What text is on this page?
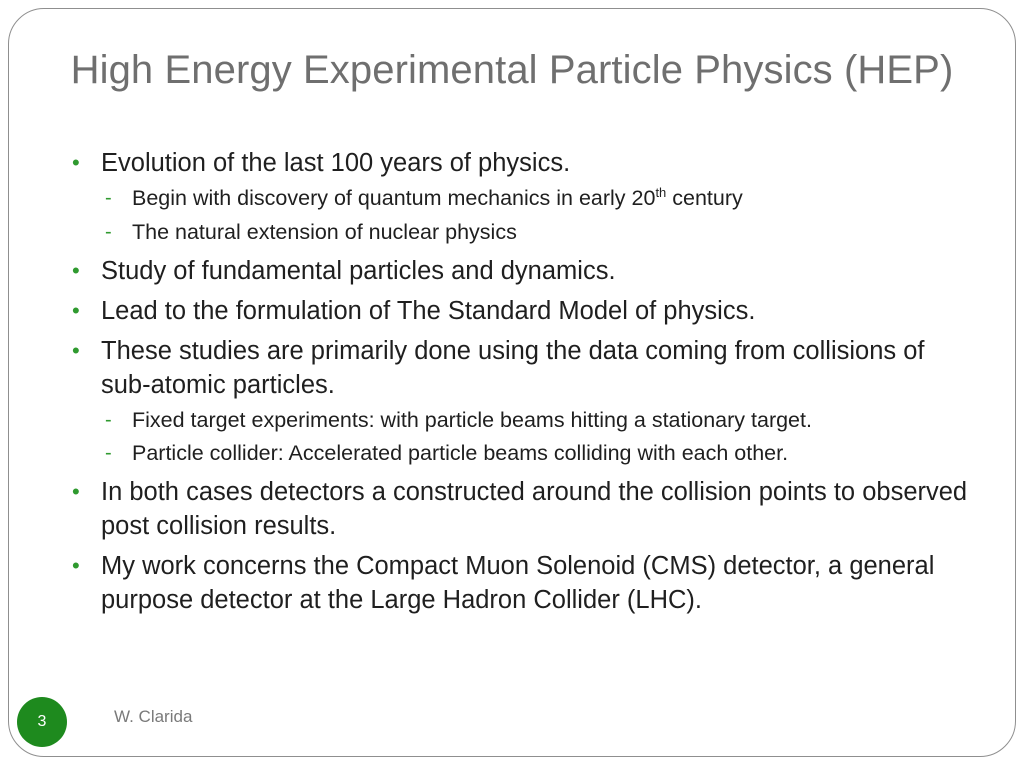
High Energy Experimental Particle Physics (HEP)
• Evolution of the last 100 years of physics.
- Begin with discovery of quantum mechanics in early 20th century
- The natural extension of nuclear physics
• Study of fundamental particles and dynamics.
• Lead to the formulation of The Standard Model of physics.
• These studies are primarily done using the data coming from collisions of sub-atomic particles.
- Fixed target experiments: with particle beams hitting a stationary target.
- Particle collider: Accelerated particle beams colliding with each other.
• In both cases detectors a constructed around the collision points to observed post collision results.
• My work concerns the Compact Muon Solenoid (CMS) detector, a general purpose detector at the Large Hadron Collider (LHC).
3	W. Clarida
